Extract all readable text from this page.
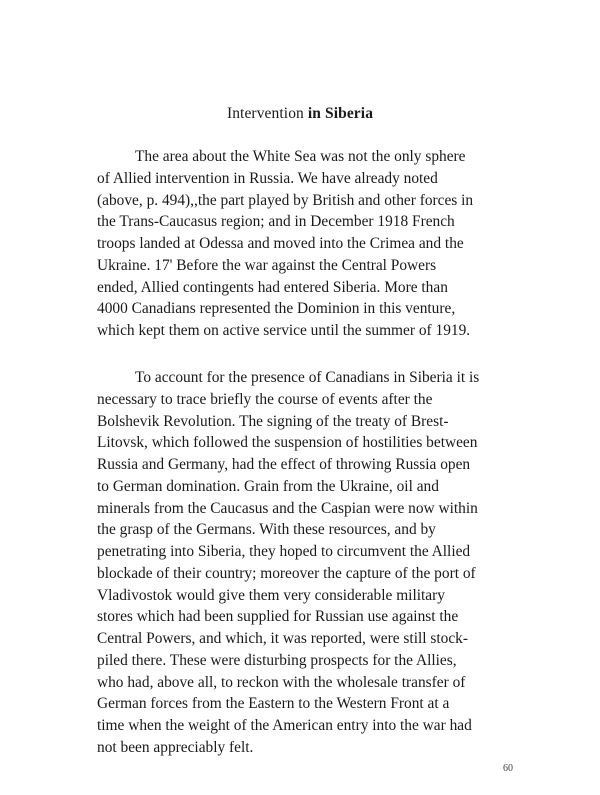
Intervention in Siberia

The area about the White Sea was not the only sphere
of Allied intervention in Russia. We have already noted
(above, p. 494),,the part played by British and other forces in
the Trans-Caucasus region; and in December 1918 French
troops landed at Odessa and moved into the Crimea and the
Ukraine. 17' Before the war against the Central Powers
ended, Allied contingents had entered Siberia. More than
4000 Canadians represented the Dominion in this venture,
which kept them on active service until the summer of 1919.

To account for the presence of Canadians in Siberia it is
necessary to trace briefly the course of events after the
Bolshevik Revolution. The signing of the treaty of Brest-
Litovsk, which followed the suspension of hostilities between
Russia and Germany, had the effect of throwing Russia open
to German domination. Grain from the Ukraine, oil and
minerals from the Caucasus and the Caspian were now within
the grasp of the Germans. With these resources, and by
penetrating into Siberia, they hoped to circumvent the Allied
blockade of their country; moreover the capture of the port of
Vladivostok would give them very considerable military
stores which had been supplied for Russian use against the
Central Powers, and which, it was reported, were still stock-
piled there. These were disturbing prospects for the Allies,
who had, above all, to reckon with the wholesale transfer of
German forces from the Eastern to the Western Front at a
time when the weight of the American entry into the war had
not been appreciably felt.

60
